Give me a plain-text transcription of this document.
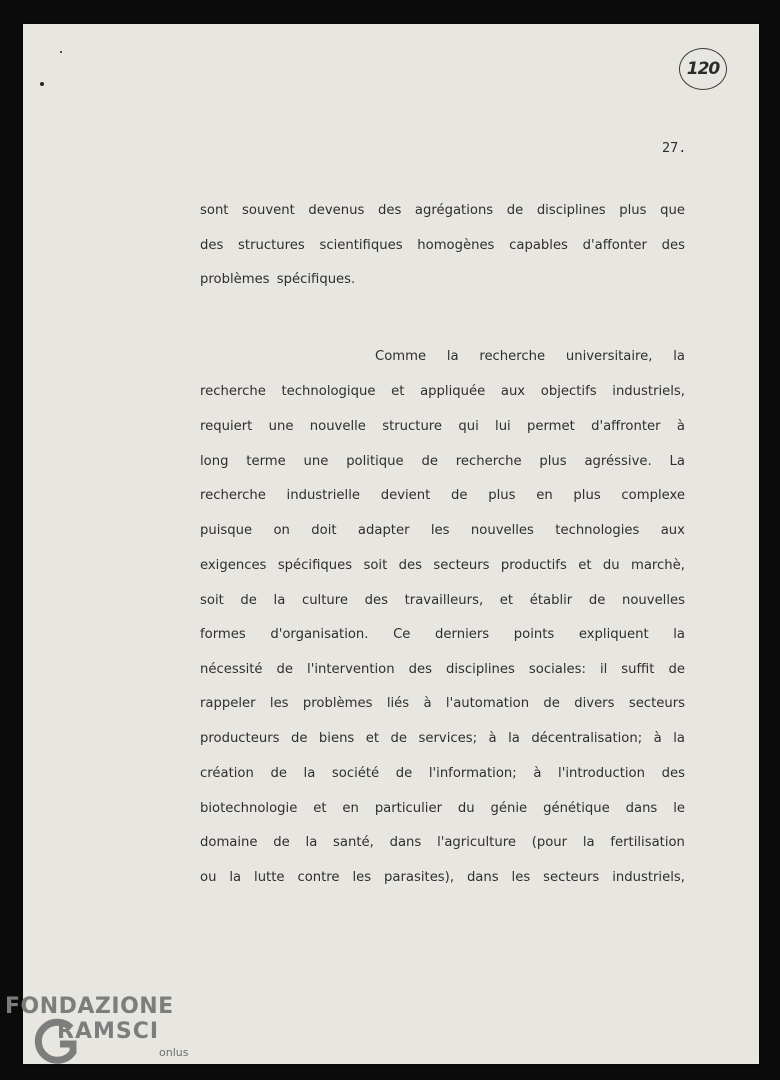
120
27.
sont souvent devenus des agrégations de disciplines plus que
des structures scientifiques homogènes capables d'affonter des
problèmes spécifiques.
Comme la recherche universitaire, la
recherche technologique et appliquée aux objectifs industriels,
requiert une nouvelle structure qui lui permet d'affronter à
long terme une politique de recherche plus agréssive. La
recherche industrielle devient de plus en plus complexe
puisque on doit adapter les nouvelles technologies aux
exigences spécifiques soit des secteurs productifs et du marchè,
soit de la culture des travailleurs, et établir de nouvelles
formes d'organisation. Ce derniers points expliquent la
nécessité de l'intervention des disciplines sociales: il suffit de
rappeler les problèmes liés à l'automation de divers secteurs
producteurs de biens et de services; à la décentralisation; à la
création de la société de l'information; à l'introduction des
biotechnologie et en particulier du génie génétique dans le
domaine de la santé, dans l'agriculture (pour la fertilisation
ou la lutte contre les parasites), dans les secteurs industriels,
FONDAZIONE
RAMSCI
onlus
